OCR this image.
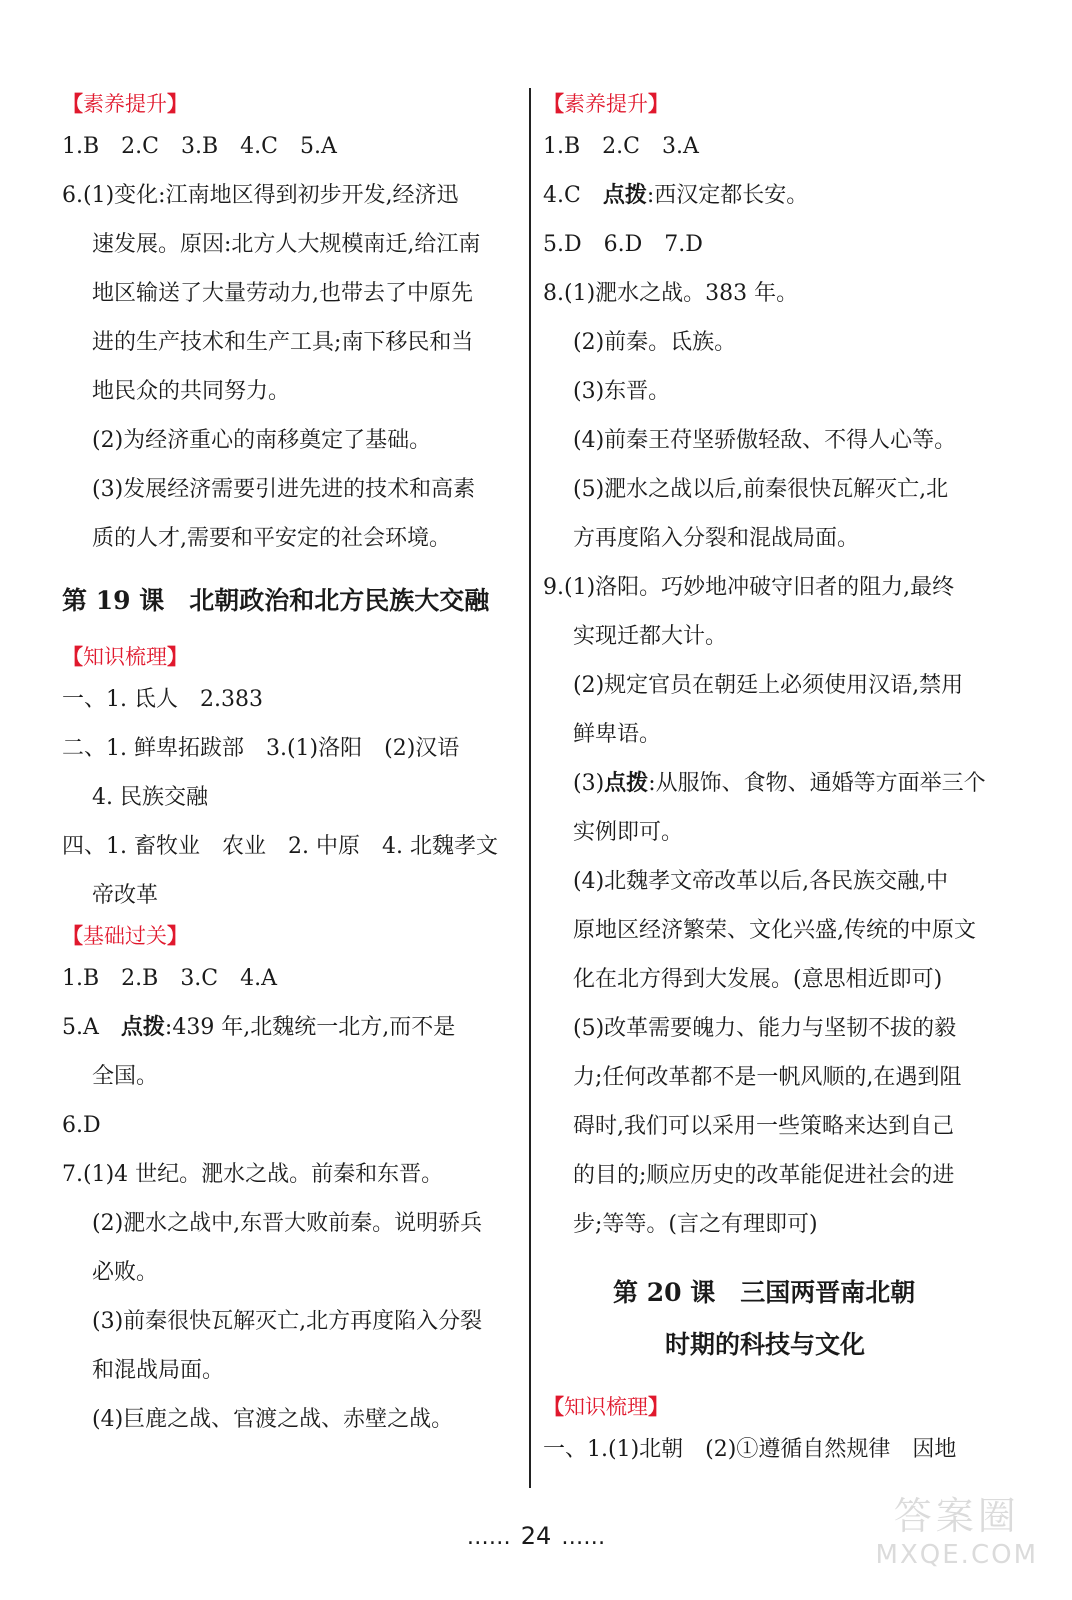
【素养提升】

1.B　2.C　3.B　4.C　5.A

6.(1)变化:江南地区得到初步开发,经济迅

速发展。原因:北方人大规模南迁,给江南

地区输送了大量劳动力,也带去了中原先

进的生产技术和生产工具;南下移民和当

地民众的共同努力。

(2)为经济重心的南移奠定了基础。

(3)发展经济需要引进先进的技术和高素

质的人才,需要和平安定的社会环境。

第 19 课　北朝政治和北方民族大交融
【知识梳理】

一、1. 氐人　2.383

二、1. 鲜卑拓跋部　3.(1)洛阳　(2)汉语

4. 民族交融

四、1. 畜牧业　农业　2. 中原　4. 北魏孝文

帝改革

【基础过关】

1.B　2.B　3.C　4.A

5.A　点拨:439 年,北魏统一北方,而不是

全国。

6.D

7.(1)4 世纪。淝水之战。前秦和东晋。

(2)淝水之战中,东晋大败前秦。说明骄兵

必败。

(3)前秦很快瓦解灭亡,北方再度陷入分裂

和混战局面。

(4)巨鹿之战、官渡之战、赤壁之战。

【素养提升】

1.B　2.C　3.A

4.C　点拨:西汉定都长安。

5.D　6.D　7.D

8.(1)淝水之战。383 年。

(2)前秦。氐族。

(3)东晋。

(4)前秦王苻坚骄傲轻敌、不得人心等。

(5)淝水之战以后,前秦很快瓦解灭亡,北

方再度陷入分裂和混战局面。

9.(1)洛阳。巧妙地冲破守旧者的阻力,最终

实现迁都大计。

(2)规定官员在朝廷上必须使用汉语,禁用

鲜卑语。

(3)点拨:从服饰、食物、通婚等方面举三个

实例即可。

(4)北魏孝文帝改革以后,各民族交融,中

原地区经济繁荣、文化兴盛,传统的中原文

化在北方得到大发展。(意思相近即可)

(5)改革需要魄力、能力与坚韧不拔的毅

力;任何改革都不是一帆风顺的,在遇到阻

碍时,我们可以采用一些策略来达到自己

的目的;顺应历史的改革能促进社会的进

步;等等。(言之有理即可)

第 20 课　三国两晋南北朝
时期的科技与文化
【知识梳理】

一、1.(1)北朝　(2)①遵循自然规律　因地

…… 24 ……	答案圈
MXQE.COM
